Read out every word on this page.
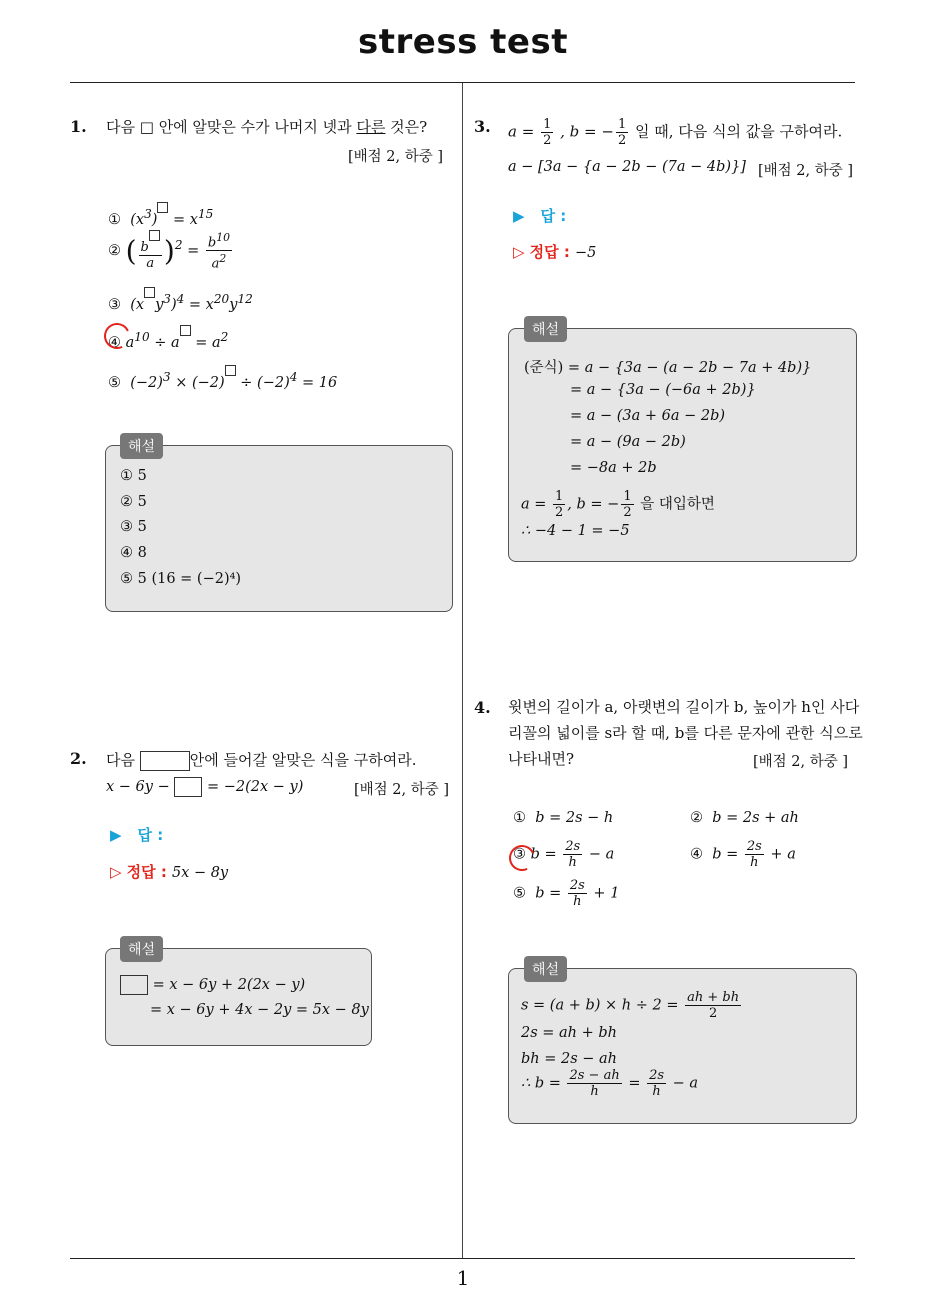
stress test
1
1. 다음 □ 안에 알맞은 수가 나머지 넷과 다른 것은?
[배점 2, 하중 ]
①  $(x^3) = x^{15}$
② ( $\frac{b}{a} )^2 = \frac{b^{10}}{a^2}$
③  (x $y^3)^4 = x^{20}y^{12}$
④ $a^{10} \div a = a^2$
⑤  $(-2)^3 \times (-2) \div (-2)^4 = 16$
해설
① 5
② 5
③ 5
④ 8
⑤ 5 (16 = (−2)⁴)
2. 다음	안에 들어갈 알맞은 식을 구하여라.
x − 6y −  = −2(2x − y)	[배점 2, 하중 ]
▶ 답 :
▷ 정답 : 5x − 8y
해설
= x − 6y + 2(2x − y)
= x − 6y + 4x − 2y = 5x − 8y
3. $a = \frac{1}{2}$ , b = − $\frac{1}{2}$ 일 때, 다음 식의 값을 구하여라.
a − [3a − {a − 2b − (7a − 4b)}] [배점 2, 하중 ]
▶ 답 :
▷ 정답 : −5
해설
(준식) = a − {3a − (a − 2b − 7a + 4b)}
= a − {3a − (−6a + 2b)}
= a − (3a + 6a − 2b)
= a − (9a − 2b)
= −8a + 2b
$a = \frac{1}{2}$ , b = − $\frac{1}{2}$ 을 대입하면
∴ −4 − 1 = −5
4. 윗변의 길이가 a, 아랫변의 길이가 b, 높이가 h인 사다
리꼴의 넓이를 s라 할 때, b를 다른 문자에 관한 식으로
나타내면?	[배점 2, 하중 ]
①  b = 2s − h	②  b = 2s + ah
③ $b = \frac{2s}{h} - a$	④  $b = \frac{2s}{h} + a$
⑤  $b = \frac{2s}{h} + 1$
해설
$s = (a + b) \times h \div 2 = \frac{ah + bh}{2}$
2s = ah + bh
bh = 2s − ah
∴ $b = \frac{2s - ah}{h} = \frac{2s}{h} - a$
